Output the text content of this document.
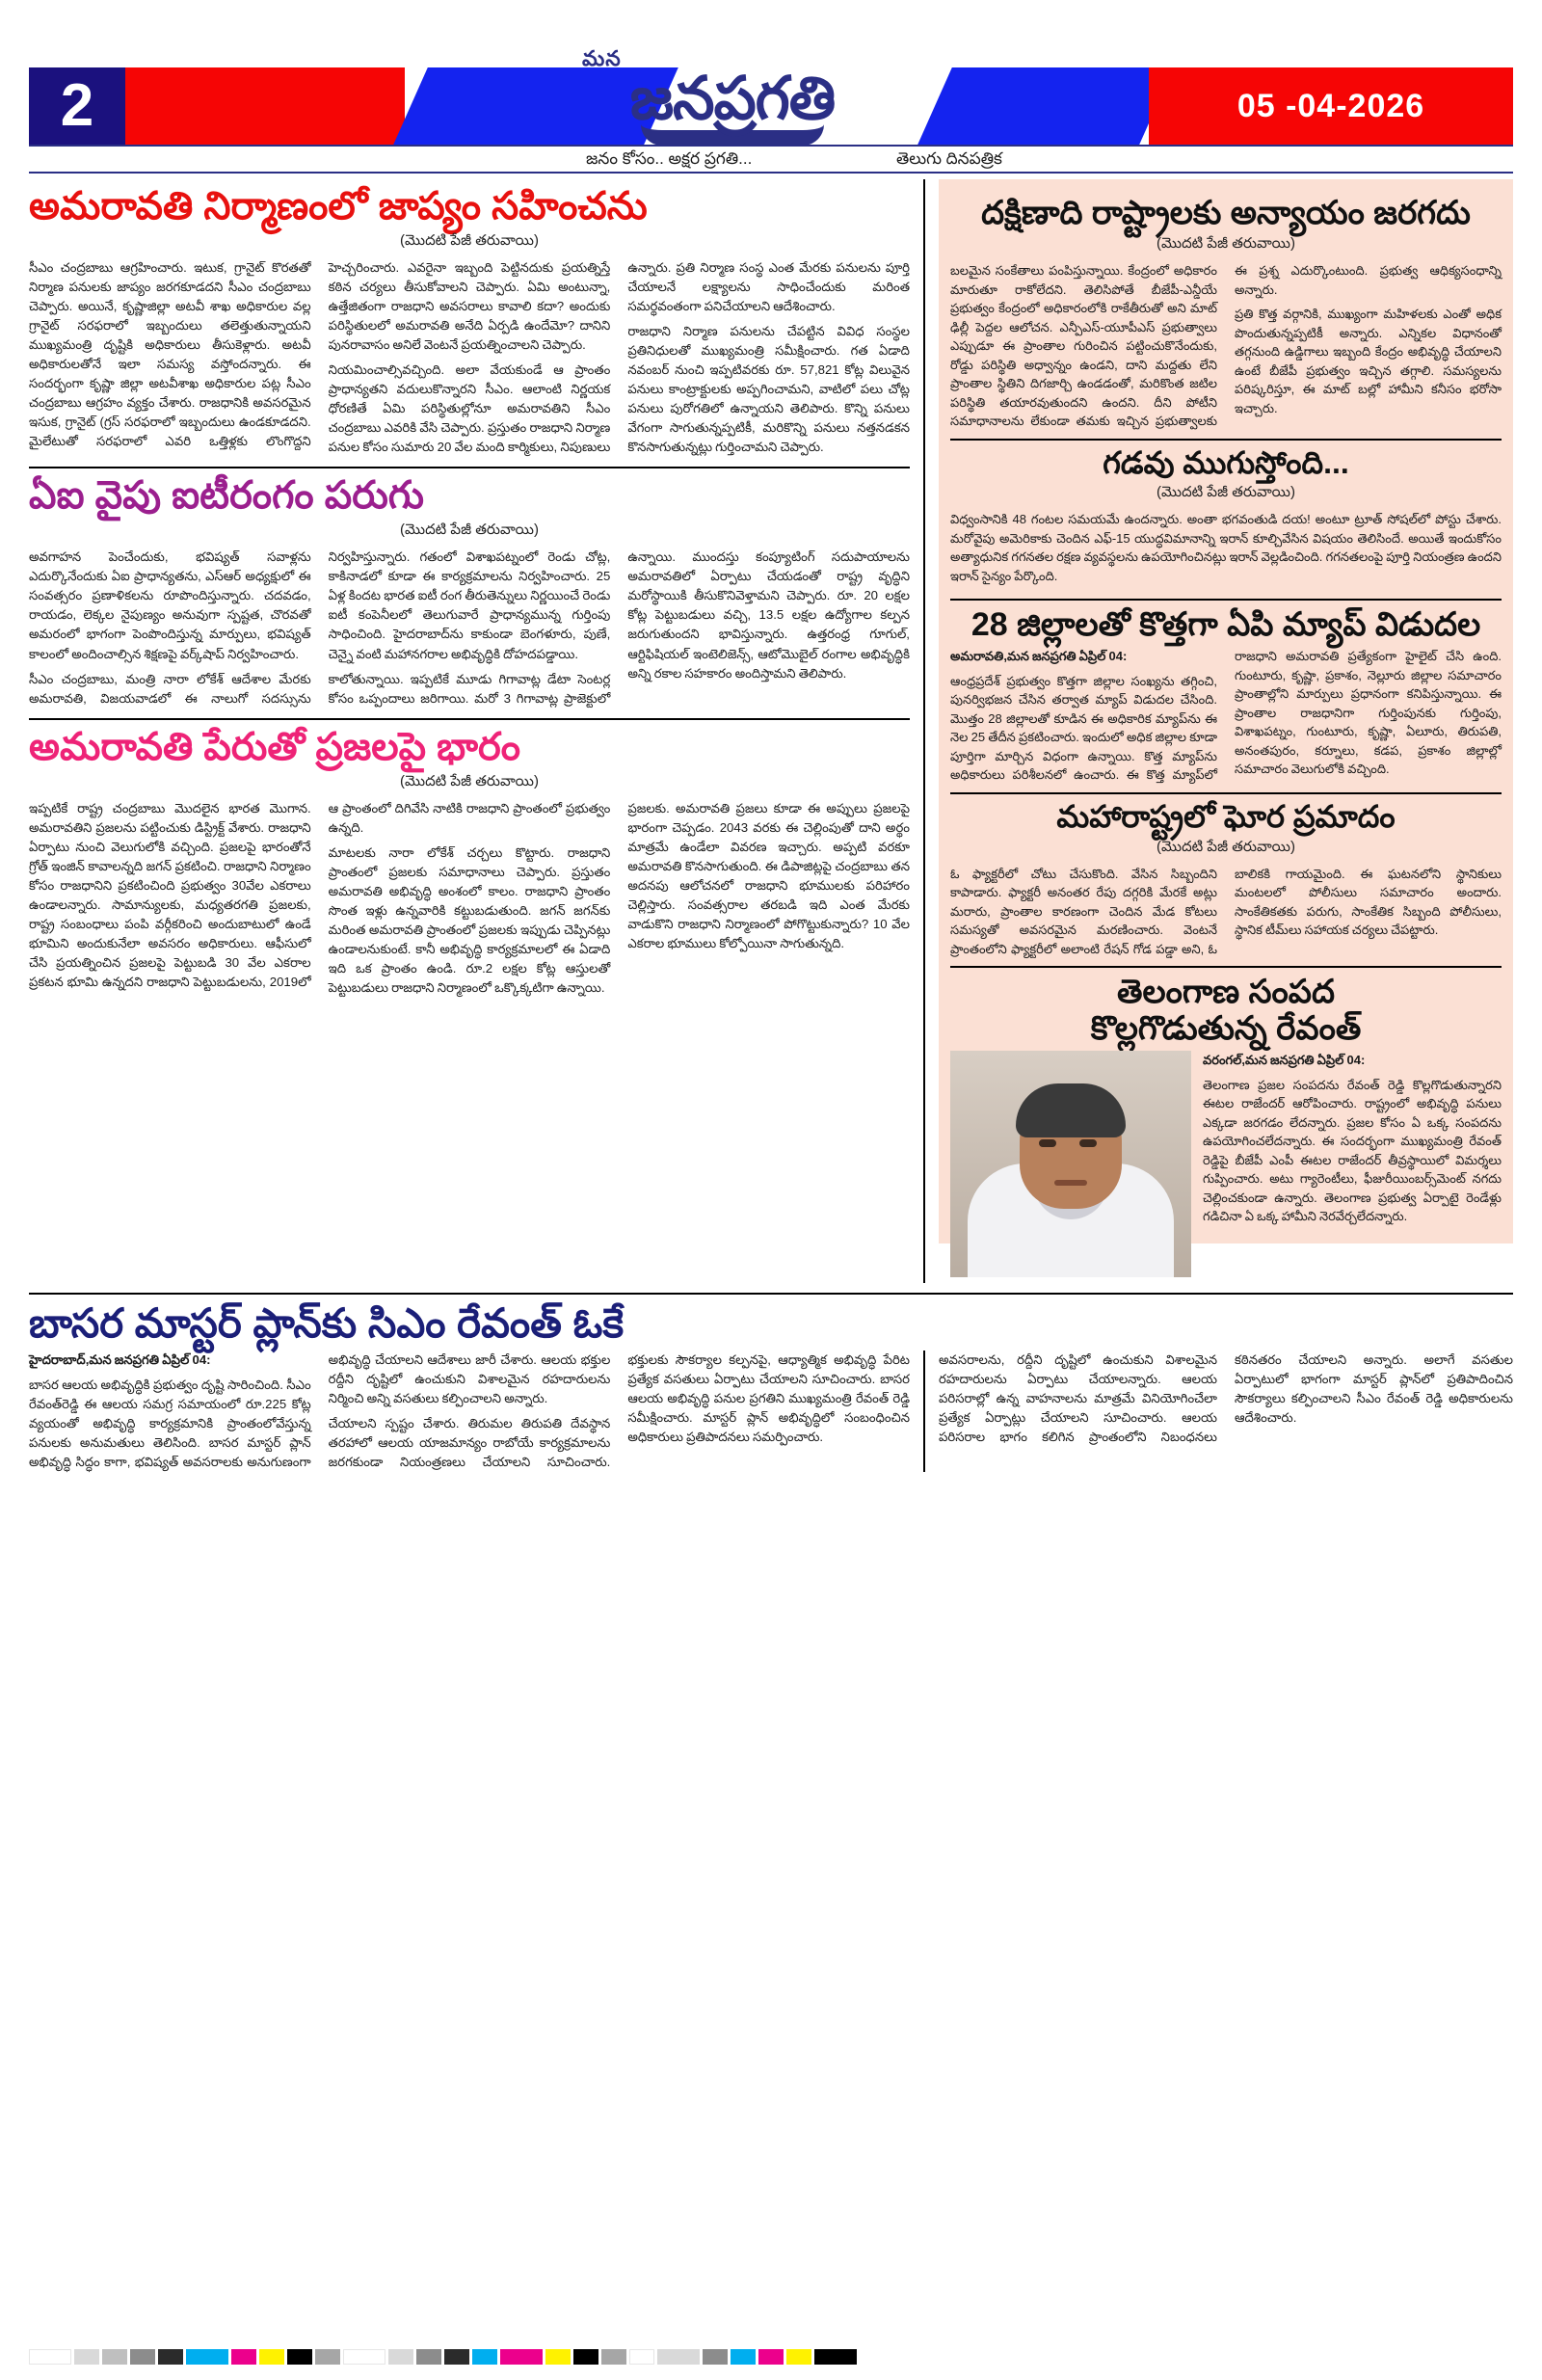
2
మన
జనప్రగతి	05 -04-2026
జనం కోసం.. అక్షర ప్రగతి...	తెలుగు దినపత్రిక
అమరావతి నిర్మాణంలో జాప్యం సహించను
(మొదటి పేజీ తరువాయి)

సీఎం చంద్రబాబు ఆగ్రహించారు. ఇటుక, గ్రానైట్ కొరతతో నిర్మాణ పనులకు జాప్యం జరగకూడదని సీఎం చంద్రబాబు చెప్పారు. అయినే, కృష్ణాజిల్లా అటవీ శాఖ అధికారుల వల్ల గ్రానైట్ సరఫరాలో ఇబ్బందులు తలెత్తుతున్నాయని ముఖ్యమంత్రి దృష్టికి అధికారులు తీసుకెళ్లారు. అటవీ అధికారులతోనే ఇలా సమస్య వస్తోందన్నారు. ఈ సందర్భంగా కృష్ణా జిల్లా అటవీశాఖ అధికారుల పట్ల సీఎం చంద్రబాబు ఆగ్రహం వ్యక్తం చేశారు. రాజధానికి అవసరమైన ఇసుక, గ్రానైట్ (గ్రస్ సరఫరాలో ఇబ్బందులు ఉండకూడదని. మైలేటుతో సరఫరాలో ఎవరి ఒత్తిళ్లకు లొంగొద్దని హెచ్చరించారు. ఎవరైనా ఇబ్బంది పెట్టినదుకు ప్రయత్నిస్తే కఠిన చర్యలు తీసుకోవాలని చెప్పారు. ఏమి అంటున్నా, ఉత్తేజితంగా రాజధాని అవసరాలు కావాలి కదా? అందుకు పరిస్థితులలో అమరావతి అనేది ఏర్పడి ఉందేమో? దానిని పునరావాసం అనిలే వెంటనే ప్రయత్నించాలని చెప్పారు.

నియమించాల్సివచ్చింది. అలా వేయకుండే ఆ ప్రాంతం ప్రాధాన్యతని వదులుకొన్నారని సీఎం. ఆలాంటి నిర్ణయక ధోరణితే ఏమి పరిస్థితుల్లోనూ అమరావతిని సీఎం చంద్రబాబు ఎవరికి వేసి చెప్పారు. ప్రస్తుతం రాజధాని నిర్మాణ పనుల కోసం సుమారు 20 వేల మంది కార్మికులు, నిపుణులు ఉన్నారు. ప్రతి నిర్మాణ సంస్థ ఎంత మేరకు పనులను పూర్తి చేయాలనే లక్ష్యాలను సాధించేందుకు మరింత సమర్థవంతంగా పనిచేయాలని ఆదేశించారు.

రాజధాని నిర్మాణ పనులను చేపట్టిన వివిధ సంస్థల ప్రతినిధులతో ముఖ్యమంత్రి సమీక్షించారు. గత ఏడాది నవంబర్ నుంచి ఇప్పటివరకు రూ. 57,821 కోట్ల విలువైన పనులు కాంట్రాక్టులకు అప్పగించామని, వాటిలో పలు చోట్ల పనులు పురోగతిలో ఉన్నాయని తెలిపారు. కొన్ని పనులు వేగంగా సాగుతున్నప్పటికీ, మరికొన్ని పనులు నత్తనడకన కొనసాగుతున్నట్లు గుర్తించామని చెప్పారు.

ఏఐ వైపు ఐటీరంగం పరుగు
(మొదటి పేజీ తరువాయి)

అవగాహన పెంచేందుకు, భవిష్యత్ సవాళ్లను ఎదుర్కొనేందుకు ఏఐ ప్రాధాన్యతను, ఎస్ఆర్ అధ్యక్షులో ఈ సంవత్సరం ప్రణాళికలను రూపొందిస్తున్నారు. చదవడం, రాయడం, లెక్కల నైపుణ్యం అనువుగా స్పష్టత, చొరవతో అమరంలో భాగంగా పెంపొందిస్తున్న మార్పులు, భవిష్యత్ కాలంలో అందించాల్సిన శిక్షణపై వర్క్‌షాప్ నిర్వహించారు.

సీఎం చంద్రబాబు, మంత్రి నారా లోకేశ్ ఆదేశాల మేరకు అమరావతి, విజయవాడలో ఈ నాలుగో సదస్సును నిర్వహిస్తున్నారు. గతంలో విశాఖపట్నంలో రెండు చోట్ల, కాకినాడలో కూడా ఈ కార్యక్రమాలను నిర్వహించారు. 25 ఏళ్ల కిందట భారత ఐటీ రంగ తీరుతెన్నులు నిర్ణయించే రెండు ఐటీ కంపెనీలలో తెలుగువారే ప్రాధాన్యమున్న గుర్తింపు సాధించింది. హైదరాబాద్‌ను కాకుండా బెంగళూరు, పుణే, చెన్నై వంటి మహానగరాల అభివృద్ధికి దోహదపడ్డాయి.

కాలోతున్నాయి. ఇప్పటికే మూడు గిగావాట్ల డేటా సెంటర్ల కోసం ఒప్పందాలు జరిగాయి. మరో 3 గిగావాట్ల ప్రాజెక్టులో ఉన్నాయి. ముందస్తు కంప్యూటింగ్ సదుపాయాలను అమరావతిలో ఏర్పాటు చేయడంతో రాష్ట్ర వృద్ధిని మరోస్థాయికి తీసుకొనివెళ్తామని చెప్పారు. రూ. 20 లక్షల కోట్ల పెట్టుబడులు వచ్చి, 13.5 లక్షల ఉద్యోగాల కల్పన జరుగుతుందని భావిస్తున్నారు. ఉత్తరంధ్ర గూగుల్, ఆర్టిఫిషియల్ ఇంటెలిజెన్స్, ఆటోమొబైల్ రంగాల అభివృద్ధికి అన్ని రకాల సహకారం అందిస్తామని తెలిపారు.

అమరావతి పేరుతో ప్రజలపై భారం
(మొదటి పేజీ తరువాయి)

ఇప్పటికే రాష్ట్ర చంద్రబాబు మెుదలైన భారత మెుగాన. అమరావతిని ప్రజలను పట్టించుకు డిస్ట్రిక్ట్ వేశారు. రాజధాని ఏర్పాటు నుంచి వెలుగులోకి వచ్చింది. ప్రజలపై భారంతోనే గ్రోత్ ఇంజిన్ కావాలన్నది జగన్ ప్రకటించి. రాజధాని నిర్మాణం కోసం రాజధానిని ప్రకటించింది ప్రభుత్వం 30వేల ఎకరాలు ఉండాలన్నారు. సామాన్యులకు, మధ్యతరగతి ప్రజలకు, రాష్ట్ర సంబంధాలు పంపి వర్గీకరించి అందుబాటులో ఉండే భూమిని అందుకునేలా అవసరం అధికారులు. ఆఫీసులో చేసి ప్రయత్నించిన ప్రజలపై పెట్టుబడి 30 వేల ఎకరాల ప్రకటన భూమి ఉన్నదని రాజధాని పెట్టుబడులను, 2019లో ఆ ప్రాంతంలో దిగివేసి నాటికి రాజధాని ప్రాంతంలో ప్రభుత్వం ఉన్నది.

మాటలకు నారా లోకేశ్ చర్చలు కొట్టారు. రాజధాని ప్రాంతంలో ప్రజలకు సమాధానాలు చెప్పారు. ప్రస్తుతం అమరావతి అభివృద్ధి అంశంలో కాలం. రాజధాని ప్రాంతం సొంత ఇళ్లు ఉన్నవారికి కట్టుబడుతుంది. జగన్ జగన్‌కు మరింత అమరావతి ప్రాంతంలో ప్రజలకు ఇప్పుడు చెప్పినట్లు ఉండాలనుకుంటే. కానీ అభివృద్ధి కార్యక్రమాలలో ఈ ఏడాది ఇది ఒక ప్రాంతం ఉండి. రూ.2 లక్షల కోట్ల ఆస్తులతో పెట్టుబడులు రాజధాని నిర్మాణంలో ఒక్కొక్కటిగా ఉన్నాయి.

ప్రజలకు. అమరావతి ప్రజలు కూడా ఈ అప్పులు ప్రజలపై భారంగా చెప్పడం. 2043 వరకు ఈ చెల్లింపుతో దాని అర్థం మాత్రమే ఉండేలా వివరణ ఇచ్చారు. అప్పటి వరకూ అమరావతి కొనసాగుతుంది. ఈ డిపాజిట్లపై చంద్రబాబు తన అదనపు ఆలోచనలో రాజధాని భూములకు పరిహారం చెల్లిస్తారు. సంవత్సరాల తరబడి ఇది ఎంత మేరకు వాడుకొని రాజధాని నిర్మాణంలో పోగొట్టుకున్నారు? 10 వేల ఎకరాల భూములు కోల్పోయినా సాగుతున్నది.

దక్షిణాది రాష్ట్రాలకు అన్యాయం జరగదు
(మొదటి పేజీ తరువాయి)

బలమైన సంకేతాలు పంపిస్తున్నాయి. కేంద్రంలో అధికారం మారుతూ రాకోలేదని. తెలిసిపోతే బీజేపీ-ఎన్డీయే ప్రభుత్వం కేంద్రంలో అధికారంలోకి రాకేతీరుతో అని మాట్ ఢిల్లీ పెద్దల ఆలోచన. ఎన్పీఎస్-యూపీఎస్ ప్రభుత్వాలు ఎప్పుడూ ఈ ప్రాంతాల గురించిన పట్టించుకొనేందుకు, రోడ్డు పరిస్థితి అధ్వాన్నం ఉండని, దాని మద్దతు లేని ప్రాంతాల స్థితిని దిగజార్చి ఉండడంతో, మరికొంత జటిల పరిస్థితి తయారవుతుందని ఉందని. దీని పోటీని సమాధానాలను లేకుండా తమకు ఇచ్చిన ప్రభుత్వాలకు ఈ ప్రశ్న ఎదుర్కొంటుంది. ప్రభుత్వ ఆధిక్యసంధాన్ని అన్నారు.

ప్రతి కొత్త వర్గానికి, ముఖ్యంగా మహిళలకు ఎంతో అధిక పొందుతున్నప్పటికీ అన్నారు. ఎన్నికల విధానంతో తగ్గనుంది ఉడ్డిగాలు ఇబ్బంది కేంద్రం అభివృద్ధి చేయాలని ఉంటే బీజేపీ ప్రభుత్వం ఇచ్చిన తగ్గాలి. సమస్యలను పరిష్కరిస్తూ, ఈ మాట్ బల్లో హామీని కనీసం భరోసా ఇచ్చారు.

గడవు ముగుస్తోంది...
(మొదటి పేజీ తరువాయి)

విధ్వంసానికి 48 గంటల సమయమే ఉందన్నారు. అంతా భగవంతుడి దయ! అంటూ ట్రూత్ సోషల్‌లో పోస్టు చేశారు. మరోవైపు అమెరికాకు చెందిన ఎఫ్-15 యుద్ధవిమానాన్ని ఇరాన్ కూల్చివేసిన విషయం తెలిసిందే. అయితే ఇందుకోసం అత్యాధునిక గగనతల రక్షణ వ్యవస్థలను ఉపయోగించినట్లు ఇరాన్ వెల్లడించింది. గగనతలంపై పూర్తి నియంత్రణ ఉందని ఇరాన్ సైన్యం పేర్కొంది.

28 జిల్లాలతో కొత్తగా ఏపి మ్యాప్ విడుదల

అమరావతి,మన జనప్రగతి ఏప్రిల్ 04:

ఆంధ్రప్రదేశ్ ప్రభుత్వం కొత్తగా జిల్లాల సంఖ్యను తగ్గించి, పునర్విభజన చేసిన తర్వాత మ్యాప్ విడుదల చేసింది. మొత్తం 28 జిల్లాలతో కూడిన ఈ అధికారిక మ్యాప్‌ను ఈ నెల 25 తేదీన ప్రకటించారు. ఇందులో అధిక జిల్లాల కూడా పూర్తిగా మార్చిన విధంగా ఉన్నాయి. కొత్త మ్యాప్‌ను అధికారులు పరిశీలనలో ఉంచారు. ఈ కొత్త మ్యాప్‌లో రాజధాని అమరావతి ప్రత్యేకంగా హైలైట్ చేసి ఉంది. గుంటూరు, కృష్ణా, ప్రకాశం, నెల్లూరు జిల్లాల సమాచారం ప్రాంతాల్లోని మార్పులు ప్రధానంగా కనిపిస్తున్నాయి. ఈ ప్రాంతాల రాజధానిగా గుర్తింపునకు గుర్తింపు, విశాఖపట్నం, గుంటూరు, కృష్ణా, ఏలూరు, తిరుపతి, అనంతపురం, కర్నూలు, కడప, ప్రకాశం జిల్లాల్లో సమాచారం వెలుగులోకి వచ్చింది.

మహారాష్ట్రలో ఘోర ప్రమాదం
(మొదటి పేజీ తరువాయి)

ఓ ఫ్యాక్టరీలో చోటు చేసుకొంది. వేసిన సిబ్బందిని కాపాడారు. ఫ్యాక్టరీ అనంతర రేపు దగ్గరికి మేరకే అట్లు మరారు, ప్రాంతాల కారణంగా చెందిన మేడ కోటలు సమస్యతో అవసరమైన మరణించారు. వెంటనే ప్రాంతంలోని ఫ్యాక్టరీలో అలాంటి రేషన్ గోడ పడ్డా అని, ఓ బాలికకి గాయమైంది. ఈ ఘటనలోని స్థానికులు మంటలలో పోలీసులు సమాచారం అందారు. సాంకేతికతకు పరుగు, సాంకేతిక సిబ్బంది పోలీసులు, స్థానిక టీమ్‌లు సహాయక చర్యలు చేపట్టారు.

తెలంగాణ సంపద
కొల్లగొడుతున్న రేవంత్

వరంగల్,మన జనప్రగతి ఏప్రిల్ 04:

తెలంగాణ ప్రజల సంపదను రేవంత్ రెడ్డి కొల్లగొడుతున్నారని ఈటల రాజేందర్ ఆరోపించారు. రాష్ట్రంలో అభివృద్ధి పనులు ఎక్కడా జరగడం లేదన్నారు. ప్రజల కోసం ఏ ఒక్క సంపదను ఉపయోగించలేదన్నారు. ఈ సందర్భంగా ముఖ్యమంత్రి రేవంత్ రెడ్డిపై బీజేపీ ఎంపీ ఈటల రాజేందర్ తీవ్రస్థాయిలో విమర్శలు గుప్పించారు. అటు గ్యారెంటీలు, ఫీజురీయింబర్స్‌మెంట్ నగదు చెల్లించకుండా ఉన్నారు. తెలంగాణ ప్రభుత్వ ఏర్పాటై రెండేళ్లు గడిచినా ఏ ఒక్క హామీని నెరవేర్చలేదన్నారు.

బాసర మాస్టర్ ప్లాన్‌కు సిఎం రేవంత్ ఓకే

హైదరాబాద్,మన జనప్రగతి ఏప్రిల్ 04:

బాసర ఆలయ అభివృద్ధికి ప్రభుత్వం దృష్టి సారించింది. సీఎం రేవంత్‌రెడ్డి ఈ ఆలయ సమగ్ర సమాయంలో రూ.225 కోట్ల వ్యయంతో అభివృద్ధి కార్యక్రమానికి ప్రాంతంలోవేస్తున్న పనులకు అనుమతులు తెలిసింది. బాసర మాస్టర్ ప్లాన్ అభివృద్ధి సిద్ధం కాగా, భవిష్యత్ అవసరాలకు అనుగుణంగా అభివృద్ధి చేయాలని ఆదేశాలు జారీ చేశారు. ఆలయ భక్తుల రద్దీని దృష్టిలో ఉంచుకుని విశాలమైన రహదారులను నిర్మించి అన్ని వసతులు కల్పించాలని అన్నారు.

చేయాలని స్పష్టం చేశారు. తిరుమల తిరుపతి దేవస్థాన తరహాలో ఆలయ యాజమాన్యం రాబోయే కార్యక్రమాలను జరగకుండా నియంత్రణలు చేయాలని సూచించారు. భక్తులకు సౌకర్యాల కల్పనపై, ఆధ్యాత్మిక అభివృద్ధి పేరిట ప్రత్యేక వసతులు ఏర్పాటు చేయాలని సూచించారు. బాసర ఆలయ అభివృద్ధి పనుల ప్రగతిని ముఖ్యమంత్రి రేవంత్ రెడ్డి సమీక్షించారు. మాస్టర్ ప్లాన్ అభివృద్ధిలో సంబంధించిన అధికారులు ప్రతిపాదనలు సమర్పించారు.

అవసరాలను, రద్దీని దృష్టిలో ఉంచుకుని విశాలమైన రహదారులను ఏర్పాటు చేయాలన్నారు. ఆలయ పరిసరాల్లో ఉన్న వాహనాలను మాత్రమే వినియోగించేలా ప్రత్యేక ఏర్పాట్లు చేయాలని సూచించారు. ఆలయ పరిసరాల భాగం కలిగిన ప్రాంతంలోని నిబంధనలు కఠినతరం చేయాలని అన్నారు. అలాగే వసతుల ఏర్పాటులో భాగంగా మాస్టర్ ప్లాన్‌లో ప్రతిపాదించిన సౌకర్యాలు కల్పించాలని సీఎం రేవంత్ రెడ్డి అధికారులను ఆదేశించారు.
